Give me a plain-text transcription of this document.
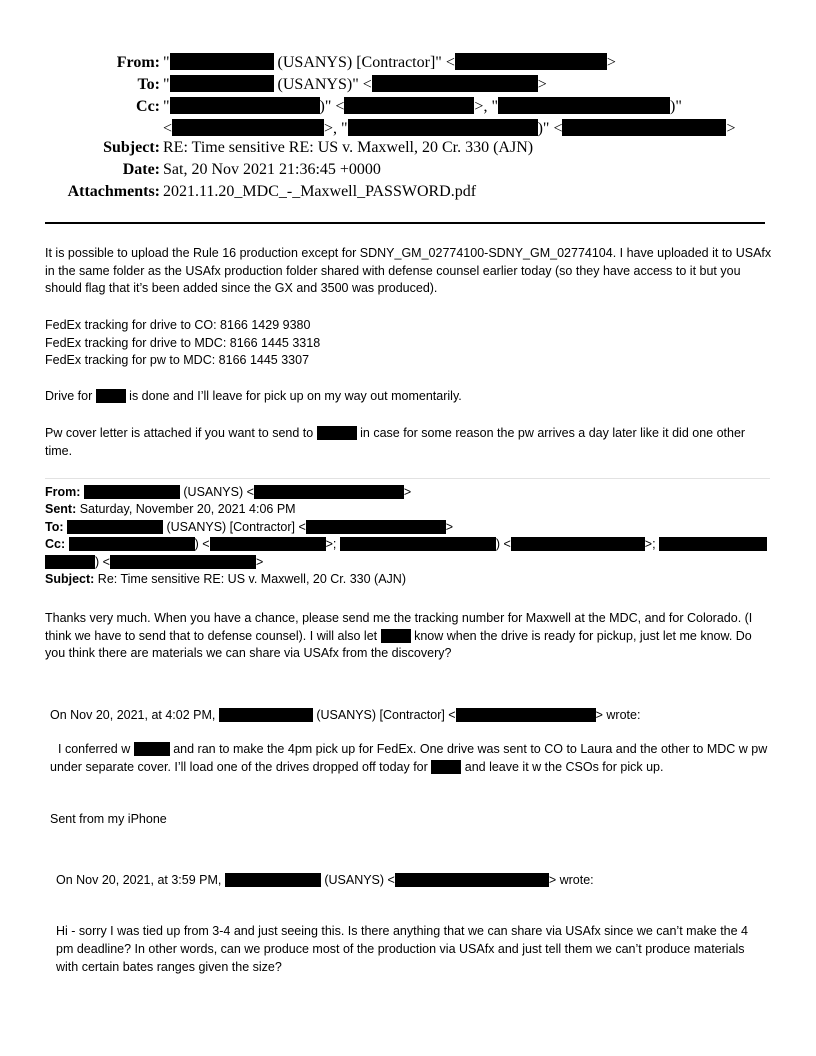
From: "	(USANYS) [Contractor]" <	>
To: "	(USANYS)" <	>
Cc: "	)" <	>, "	)"
<	>, "	)" <	>
Subject: RE: Time sensitive RE: US v. Maxwell, 20 Cr. 330 (AJN)
Date: Sat, 20 Nov 2021 21:36:45 +0000
Attachments: 2021.11.20_MDC_-_Maxwell_PASSWORD.pdf

It is possible to upload the Rule 16 production except for SDNY_GM_02774100-SDNY_GM_02774104. I have uploaded it to USAfx in the same folder as the USAfx production folder shared with defense counsel earlier today (so they have access to it but you should flag that it’s been added since the GX and 3500 was produced).

FedEx tracking for drive to CO: 8166 1429 9380

FedEx tracking for drive to MDC: 8166 1445 3318

FedEx tracking for pw to MDC: 8166 1445 3307

Drive for  is done and I’ll leave for pick up on my way out momentarily.

Pw cover letter is attached if you want to send to	in case for some reason the pw arrives a day later like it did one other time.

From:	(USANYS) <	>
Sent: Saturday, November 20, 2021 4:06 PM
To:	(USANYS) [Contractor] <	>
Cc:	) <	>;	) <	>;
) <	>
Subject: Re: Time sensitive RE: US v. Maxwell, 20 Cr. 330 (AJN)

Thanks very much. When you have a chance, please send me the tracking number for Maxwell at the MDC, and for Colorado. (I think we have to send that to defense counsel). I will also let  know when the drive is ready for pickup, just let me know. Do you think there are materials we can share via USAfx from the discovery?

On Nov 20, 2021, at 4:02 PM,	(USANYS) [Contractor] <	> wrote:
I conferred w	and ran to make the 4pm pick up for FedEx. One drive was sent to CO to Laura and the other to MDC w pw under separate cover. I’ll load one of the drives dropped off today for  and leave it w the CSOs for pick up.
Sent from my iPhone
On Nov 20, 2021, at 3:59 PM,	(USANYS) <	> wrote:
Hi - sorry I was tied up from 3-4 and just seeing this. Is there anything that we can share via USAfx since we can’t make the 4 pm deadline? In other words, can we produce most of the production via USAfx and just tell them we can’t produce materials with certain bates ranges given the size?
